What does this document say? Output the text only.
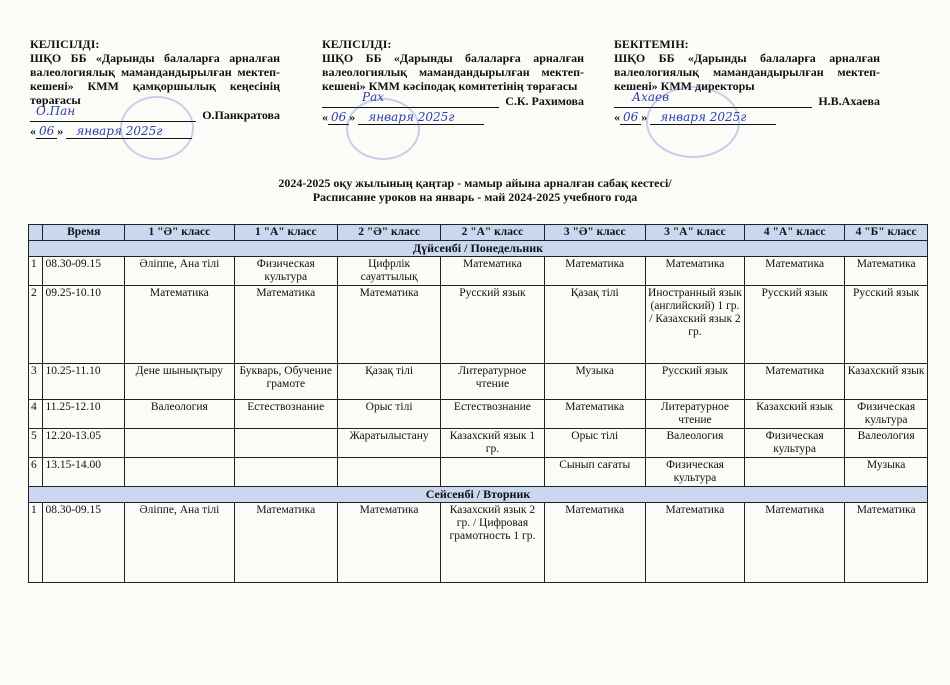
КЕЛІСІЛДІ:
ШҚО ББ «Дарынды балаларға арналған валеологиялық мамандандырылған мектеп-кешені» КММ қамқоршылық кеңесінің төрағасы
О.Пан	О.Панкратова
« 06 » января 2025г
КЕЛІСІЛДІ:
ШҚО ББ «Дарынды балаларға арналған валеологиялық мамандандырылған мектеп-кешені» КММ кәсіподақ комитетінің төрағасы
Рах	С.К. Рахимова
« 06 » января 2025г
БЕКІТЕМІН:
ШҚО ББ «Дарынды балаларға арналған валеологиялық мамандандырылған мектеп-кешені» КММ директоры
Ахаев	Н.В.Ахаева
« 06 » января 2025г
2024-2025 оқу жылының қаңтар - мамыр айына арналған сабақ кестесі/
Расписание уроков на январь - май 2024-2025 учебного года
	Время	1 "Ә" класс	1 "А" класс	2 "Ә" класс	2 "А" класс	3 "Ә" класс	3 "А" класс	4 "А" класс	4 "Б" класс
Дүйсенбі / Понедельник									
1	08.30-09.15	Әліппе, Ана тілі	Физическая культура	Цифрлік сауаттылық	Математика	Математика	Математика	Математика	Математика
2	09.25-10.10	Математика	Математика	Математика	Русский язык	Қазақ тілі	Иностранный язык (английский) 1 гр. / Казахский язык 2 гр.	Русский язык	Русский язык
3	10.25-11.10	Дене шынықтыру	Букварь, Обучение грамоте	Қазақ тілі	Литературное чтение	Музыка	Русский язык	Математика	Казахский язык
4	11.25-12.10	Валеология	Естествознание	Орыс тілі	Естествознание	Математика	Литературное чтение	Казахский язык	Физическая культура
5	12.20-13.05			Жаратылыстану	Казахский язык 1 гр.	Орыс тілі	Валеология	Физическая культура	Валеология
6	13.15-14.00					Сынып сағаты	Физическая культура		Музыка
Сейсенбі / Вторник									
1	08.30-09.15	Әліппе, Ана тілі	Математика	Математика	Казахский язык 2 гр. / Цифровая грамотность 1 гр.	Математика	Математика	Математика	Математика
